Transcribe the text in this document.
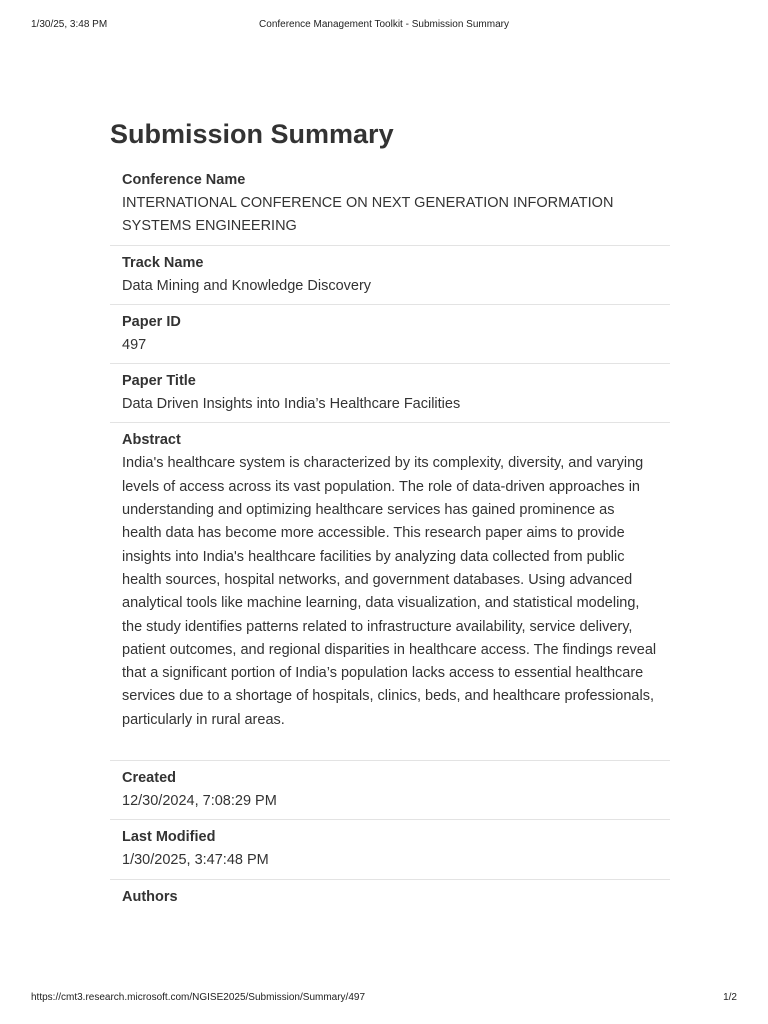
1/30/25, 3:48 PM	Conference Management Toolkit - Submission Summary
Submission Summary
Conference Name
INTERNATIONAL CONFERENCE ON NEXT GENERATION INFORMATION SYSTEMS ENGINEERING
Track Name
Data Mining and Knowledge Discovery
Paper ID
497
Paper Title
Data Driven Insights into India’s Healthcare Facilities
Abstract
India's healthcare system is characterized by its complexity, diversity, and varying levels of access across its vast population. The role of data-driven approaches in understanding and optimizing healthcare services has gained prominence as health data has become more accessible. This research paper aims to provide insights into India's healthcare facilities by analyzing data collected from public health sources, hospital networks, and government databases. Using advanced analytical tools like machine learning, data visualization, and statistical modeling, the study identifies patterns related to infrastructure availability, service delivery, patient outcomes, and regional disparities in healthcare access. The findings reveal that a significant portion of India’s population lacks access to essential healthcare services due to a shortage of hospitals, clinics, beds, and healthcare professionals, particularly in rural areas.
Created
12/30/2024, 7:08:29 PM
Last Modified
1/30/2025, 3:47:48 PM
Authors
https://cmt3.research.microsoft.com/NGISE2025/Submission/Summary/497	1/2
